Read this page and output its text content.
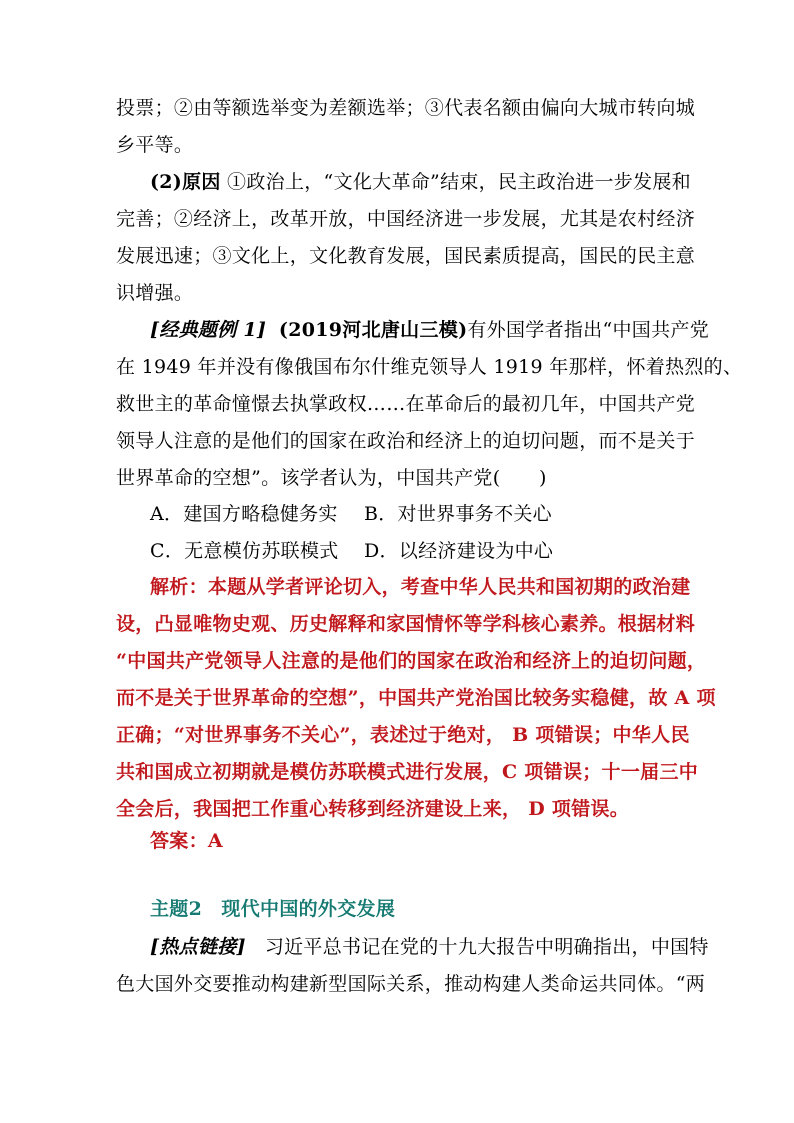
投票；②由等额选举变为差额选举；③代表名额由偏向大城市转向城
乡平等。
(2)原因 ①政治上，“文化大革命”结束，民主政治进一步发展和
完善；②经济上，改革开放，中国经济进一步发展，尤其是农村经济
发展迅速；③文化上，文化教育发展，国民素质提高，国民的民主意
识增强。
[经典题例 1] (2019河北唐山三模)有外国学者指出“中国共产党
在 1949 年并没有像俄国布尔什维克领导人 1919 年那样，怀着热烈的、
救世主的革命憧憬去执掌政权……在革命后的最初几年，中国共产党
领导人注意的是他们的国家在政治和经济上的迫切问题，而不是关于
世界革命的空想”。该学者认为，中国共产党(　　)
A．建国方略稳健务实 B．对世界事务不关心
C．无意模仿苏联模式 D．以经济建设为中心
解析：本题从学者评论切入，考查中华人民共和国初期的政治建
设，凸显唯物史观、历史解释和家国情怀等学科核心素养。根据材料
“中国共产党领导人注意的是他们的国家在政治和经济上的迫切问题，
而不是关于世界革命的空想”，中国共产党治国比较务实稳健，故 A 项
正确；“对世界事务不关心”，表述过于绝对， B 项错误；中华人民
共和国成立初期就是模仿苏联模式进行发展，C 项错误；十一届三中
全会后，我国把工作重心转移到经济建设上来， D 项错误。
答案：A
主题2　现代中国的外交发展
[热点链接] 习近平总书记在党的十九大报告中明确指出，中国特
色大国外交要推动构建新型国际关系，推动构建人类命运共同体。“两
